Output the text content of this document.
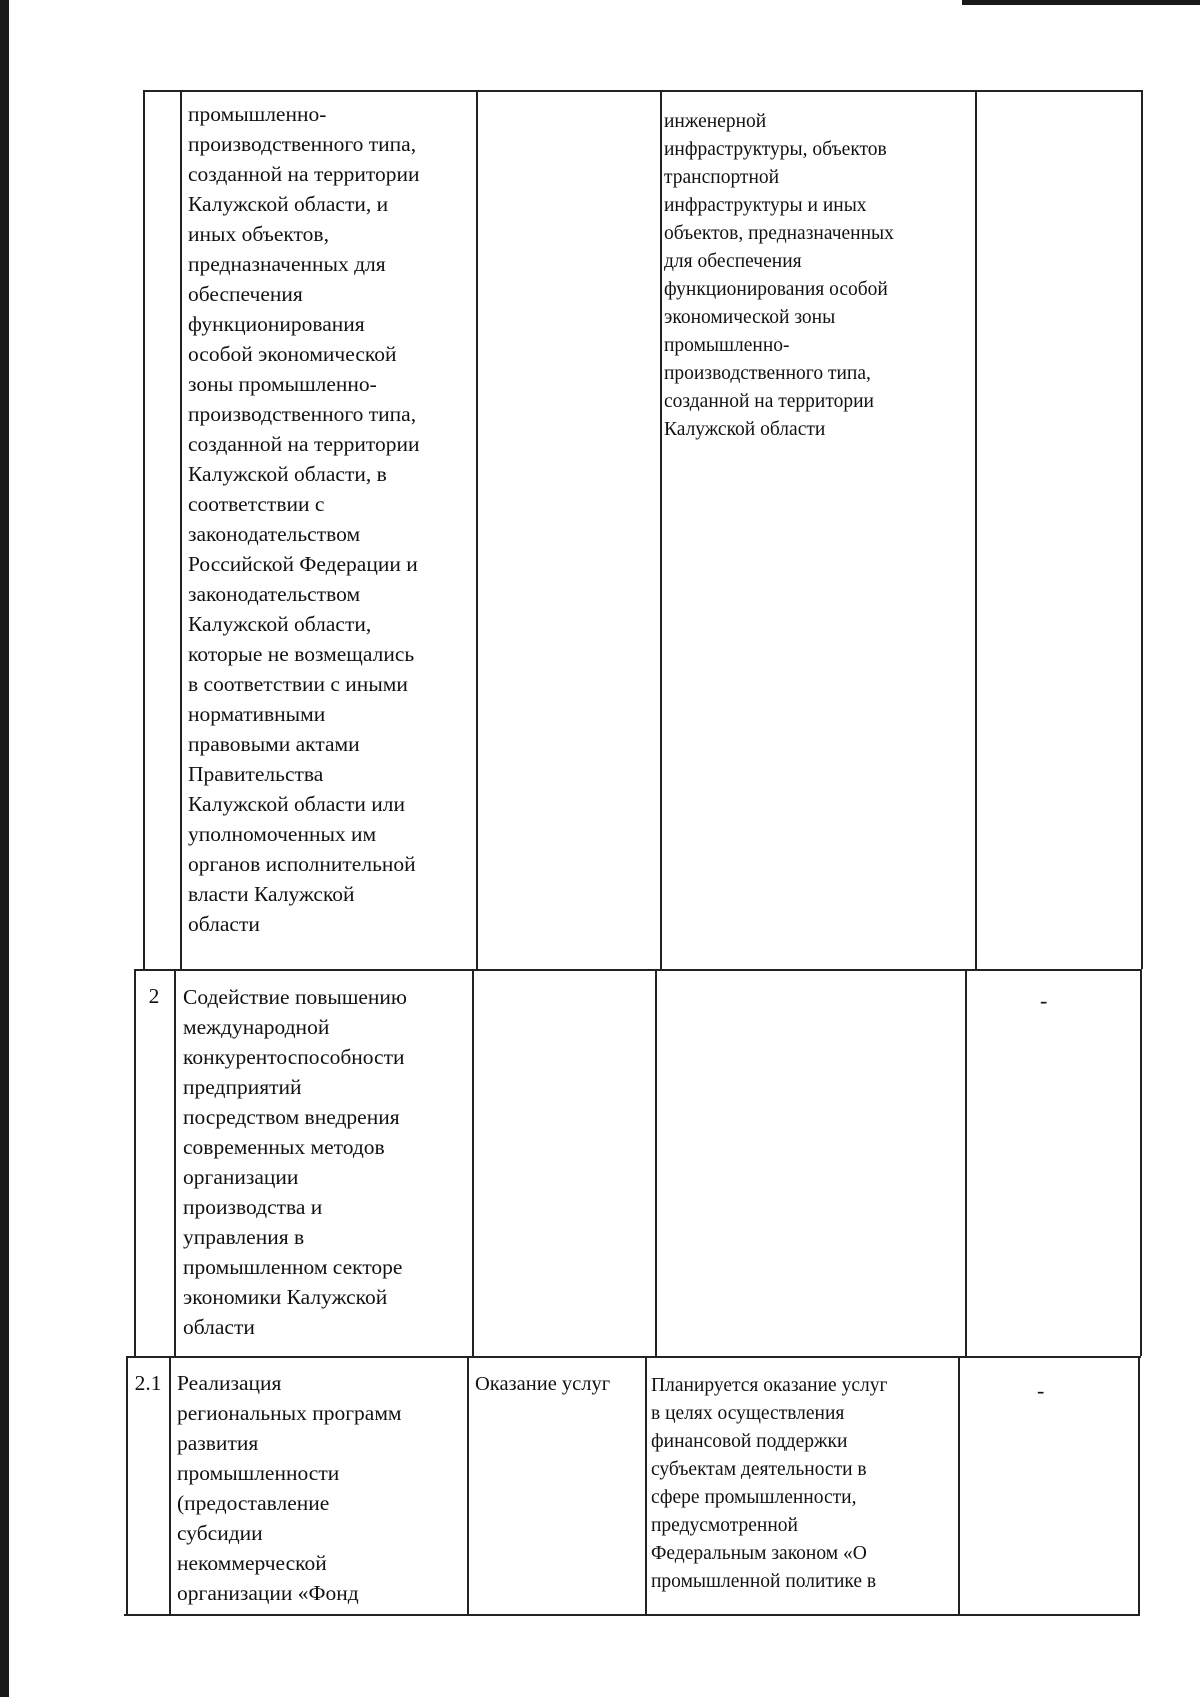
промышленно-
производственного типа,
созданной на территории
Калужской области, и
иных объектов,
предназначенных для
обеспечения
функционирования
особой экономической
зоны промышленно-
производственного типа,
созданной на территории
Калужской области, в
соответствии с
законодательством
Российской Федерации и
законодательством
Калужской области,
которые не возмещались
в соответствии с иными
нормативными
правовыми актами
Правительства
Калужской области или
уполномоченных им
органов исполнительной
власти Калужской
области
инженерной
инфраструктуры, объектов
транспортной
инфраструктуры и иных
объектов, предназначенных
для обеспечения
функционирования особой
экономической зоны
промышленно-
производственного типа,
созданной на территории
Калужской области
2	Содействие повышению
международной
конкурентоспособности
предприятий
посредством внедрения
современных методов
организации
производства и
управления в
промышленном секторе
экономики Калужской
области
-
2.1 Реализация
региональных программ
развития
промышленности
(предоставление
субсидии
некоммерческой
организации «Фонд
Оказание услуг	Планируется оказание услуг
в целях осуществления
финансовой поддержки
субъектам деятельности в
сфере промышленности,
предусмотренной
Федеральным законом «О
промышленной политике в
-
